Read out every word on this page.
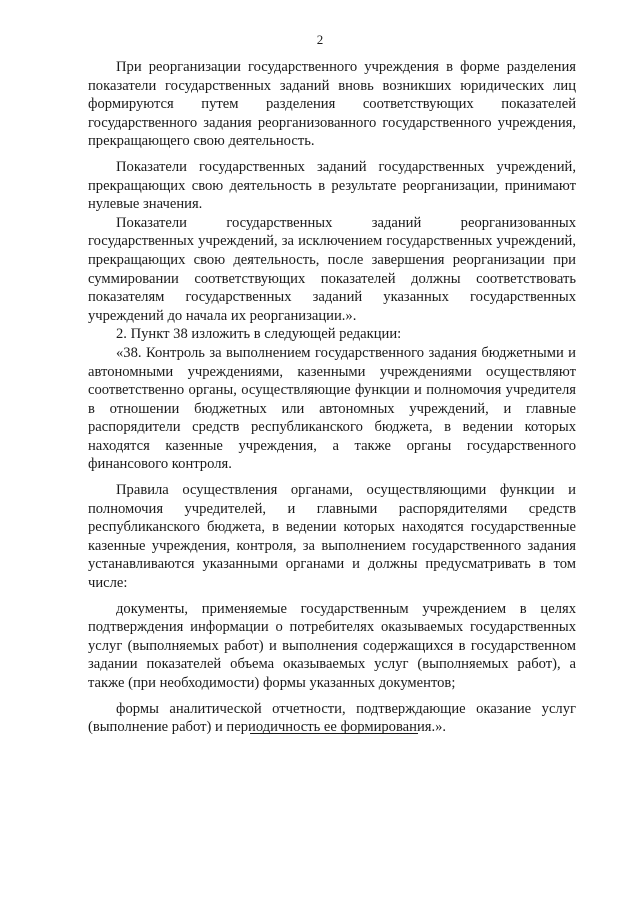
2

При реорганизации государственного учреждения в форме разделения показатели государственных заданий вновь возникших юридических лиц формируются путем разделения соответствующих показателей государственного задания реорганизованного государственного учреждения, прекращающего свою деятельность.

Показатели государственных заданий государственных учреждений, прекращающих свою деятельность в результате реорганизации, принимают нулевые значения.

Показатели государственных заданий реорганизованных государственных учреждений, за исключением государственных учреждений, прекращающих свою деятельность, после завершения реорганизации при суммировании соответствующих показателей должны соответствовать показателям государственных заданий указанных государственных учреждений до начала их реорганизации.».

2. Пункт 38 изложить в следующей редакции:

«38. Контроль за выполнением государственного задания бюджетными и автономными учреждениями, казенными учреждениями осуществляют соответственно органы, осуществляющие функции и полномочия учредителя в отношении бюджетных или автономных учреждений, и главные распорядители средств республиканского бюджета, в ведении которых находятся казенные учреждения, а также органы государственного финансового контроля.

Правила осуществления органами, осуществляющими функции и полномочия учредителей, и главными распорядителями средств республиканского бюджета, в ведении которых находятся государственные казенные учреждения, контроля, за выполнением государственного задания устанавливаются указанными органами и должны предусматривать в том числе:

документы, применяемые государственным учреждением в целях подтверждения информации о потребителях оказываемых государственных услуг (выполняемых работ) и выполнения содержащихся в государственном задании показателей объема оказываемых услуг (выполняемых работ), а также (при необходимости) формы указанных документов;

формы аналитической отчетности, подтверждающие оказание услуг (выполнение работ) и периодичность ее формирования.».
